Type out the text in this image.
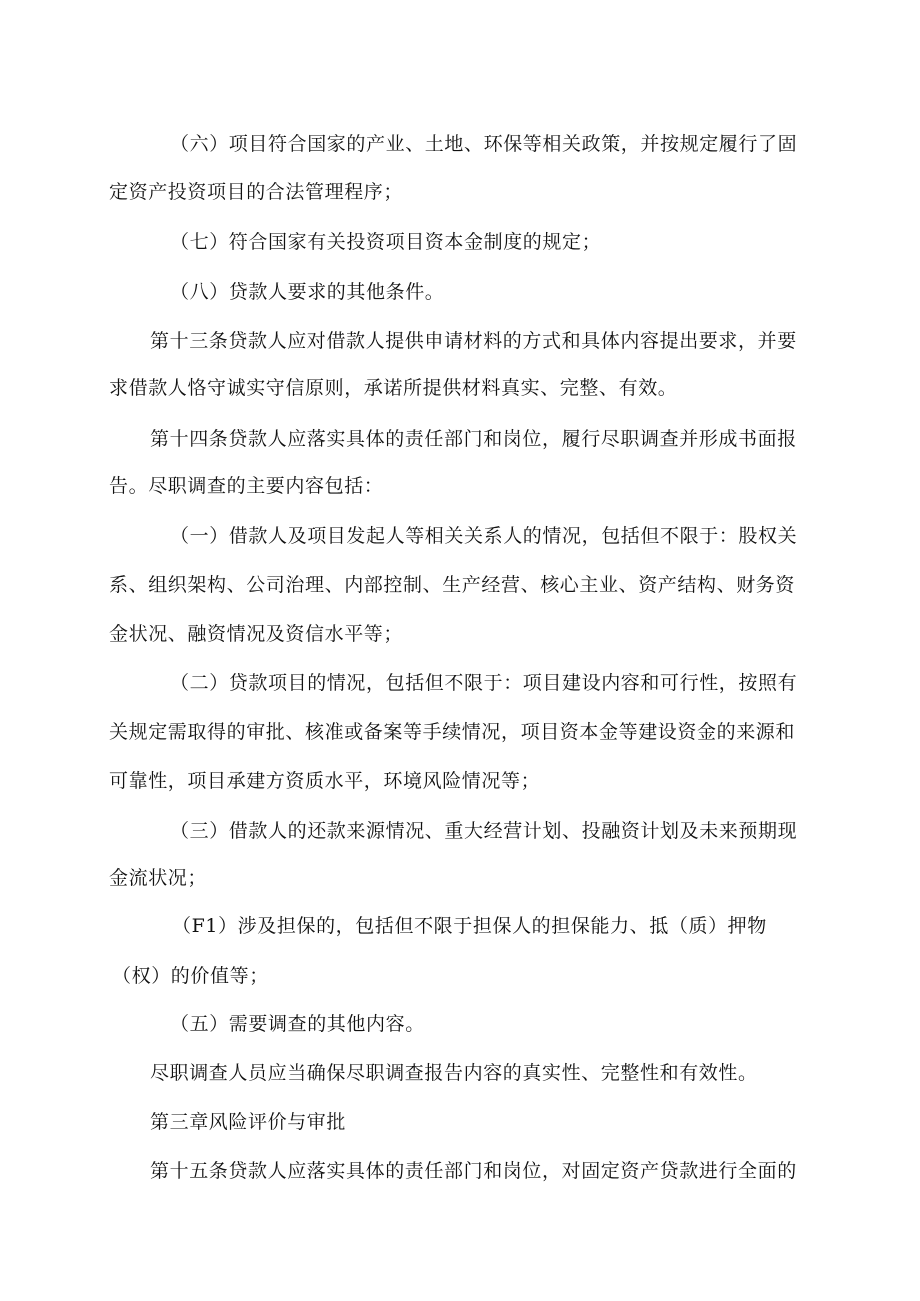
（六）项目符合国家的产业、土地、环保等相关政策，并按规定履行了固
定资产投资项目的合法管理程序；
（七）符合国家有关投资项目资本金制度的规定；
（八）贷款人要求的其他条件。
第十三条贷款人应对借款人提供申请材料的方式和具体内容提出要求，并要
求借款人恪守诚实守信原则，承诺所提供材料真实、完整、有效。
第十四条贷款人应落实具体的责任部门和岗位，履行尽职调查并形成书面报
告。尽职调查的主要内容包括：
（一）借款人及项目发起人等相关关系人的情况，包括但不限于：股权关
系、组织架构、公司治理、内部控制、生产经营、核心主业、资产结构、财务资
金状况、融资情况及资信水平等；
（二）贷款项目的情况，包括但不限于：项目建设内容和可行性，按照有
关规定需取得的审批、核准或备案等手续情况，项目资本金等建设资金的来源和
可靠性，项目承建方资质水平，环境风险情况等；
（三）借款人的还款来源情况、重大经营计划、投融资计划及未来预期现
金流状况；
（F1）涉及担保的，包括但不限于担保人的担保能力、抵（质）押物
（权）的价值等；
（五）需要调查的其他内容。
尽职调查人员应当确保尽职调查报告内容的真实性、完整性和有效性。
第三章风险评价与审批
第十五条贷款人应落实具体的责任部门和岗位，对固定资产贷款进行全面的
